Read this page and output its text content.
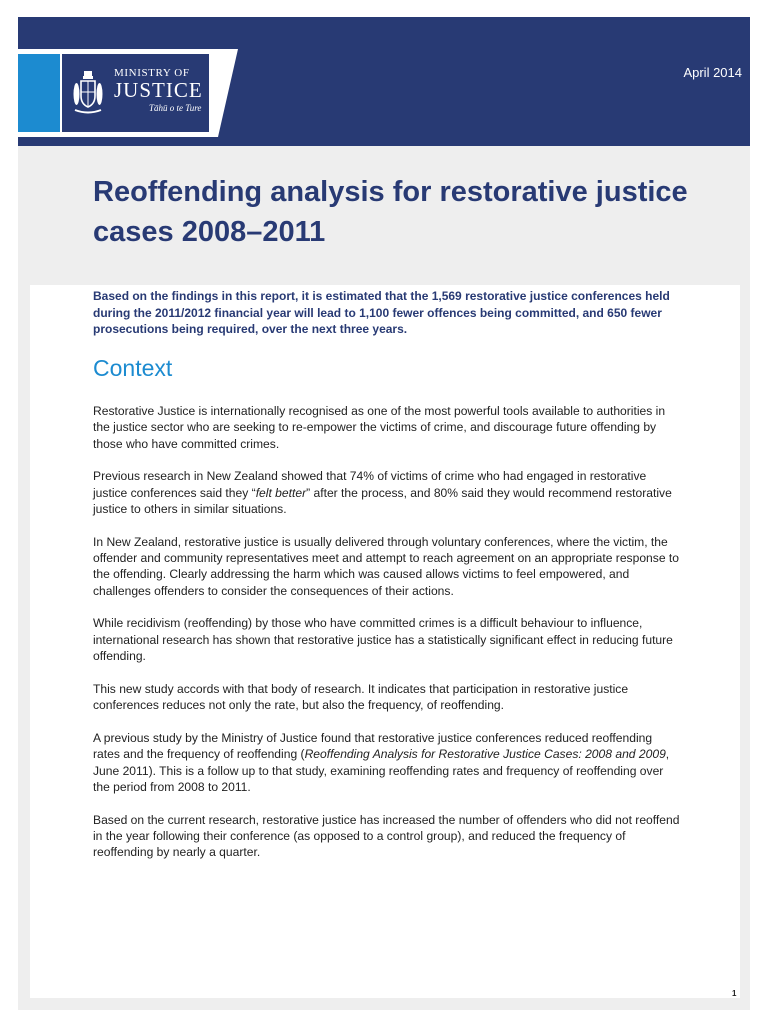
MINISTRY OF
JUSTICE
Tāhū o te Ture
April 2014
Reoffending analysis for restorative justice cases 2008–2011

Based on the findings in this report, it is estimated that the 1,569 restorative justice conferences held during the 2011/2012 financial year will lead to 1,100 fewer offences being committed, and 650 fewer prosecutions being required, over the next three years.

Context

Restorative Justice is internationally recognised as one of the most powerful tools available to authorities in the justice sector who are seeking to re-empower the victims of crime, and discourage future offending by those who have committed crimes.

Previous research in New Zealand showed that 74% of victims of crime who had engaged in restorative justice conferences said they “felt better” after the process, and 80% said they would recommend restorative justice to others in similar situations.

In New Zealand, restorative justice is usually delivered through voluntary conferences, where the victim, the offender and community representatives meet and attempt to reach agreement on an appropriate response to the offending. Clearly addressing the harm which was caused allows victims to feel empowered, and challenges offenders to consider the consequences of their actions.

While recidivism (reoffending) by those who have committed crimes is a difficult behaviour to influence, international research has shown that restorative justice has a statistically significant effect in reducing future offending.

This new study accords with that body of research. It indicates that participation in restorative justice conferences reduces not only the rate, but also the frequency, of reoffending.

A previous study by the Ministry of Justice found that restorative justice conferences reduced reoffending rates and the frequency of reoffending (Reoffending Analysis for Restorative Justice Cases: 2008 and 2009, June 2011). This is a follow up to that study, examining reoffending rates and frequency of reoffending over the period from 2008 to 2011.

Based on the current research, restorative justice has increased the number of offenders who did not reoffend in the year following their conference (as opposed to a control group), and reduced the frequency of reoffending by nearly a quarter.

1
